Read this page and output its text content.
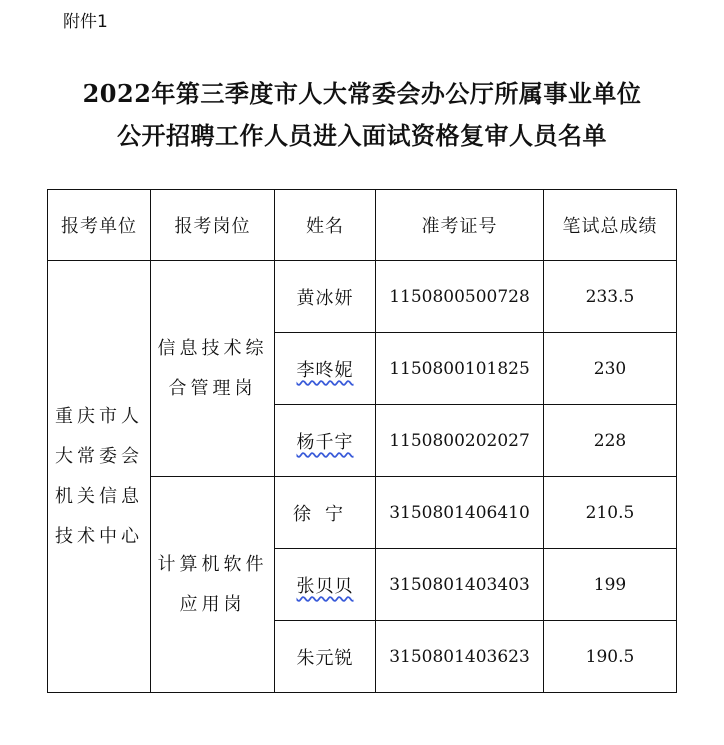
附件1
2022年第三季度市人大常委会办公厅所属事业单位
公开招聘工作人员进入面试资格复审人员名单
报考单位	报考岗位	姓名	准考证号	笔试总成绩
重庆市人大常委会机关信息技术中心	信息技术综合管理岗	黄冰妍	1150800500728	233.5
		李咚妮	1150800101825	230
		杨千宇	1150800202027	228
	计算机软件应用岗	徐宁	3150801406410	210.5
		张贝贝	3150801403403	199
		朱元锐	3150801403623	190.5
